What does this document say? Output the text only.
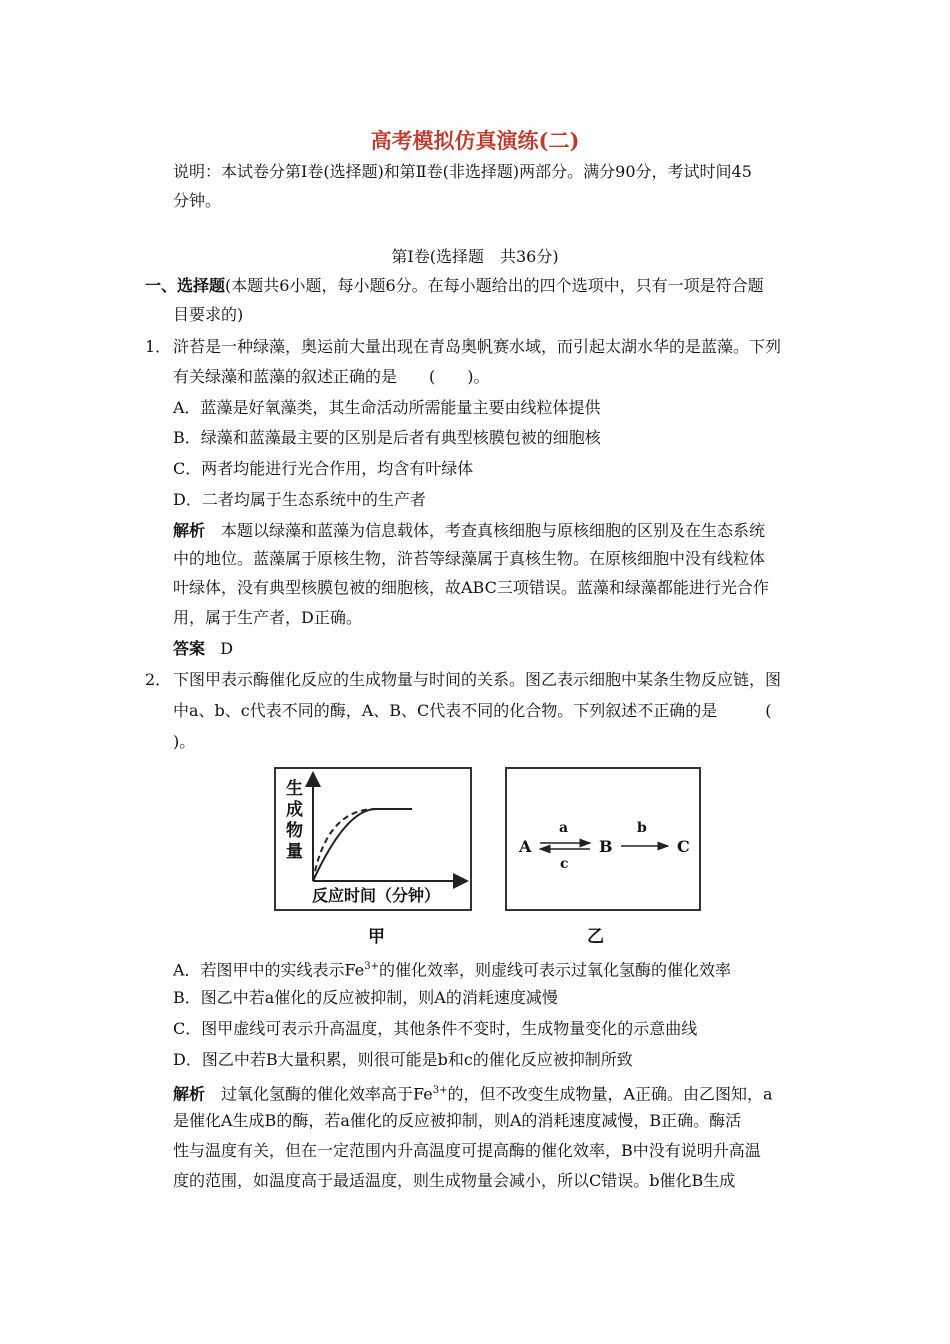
高考模拟仿真演练(二)
说明：本试卷分第Ⅰ卷(选择题)和第Ⅱ卷(非选择题)两部分。满分90分，考试时间45
分钟。
第Ⅰ卷(选择题　共36分)
一、选择题(本题共6小题，每小题6分。在每小题给出的四个选项中，只有一项是符合题
目要求的)
1． 浒苔是一种绿藻，奥运前大量出现在青岛奥帆赛水域，而引起太湖水华的是蓝藻。下列
有关绿藻和蓝藻的叙述正确的是　　(　　)。
A．蓝藻是好氧藻类，其生命活动所需能量主要由线粒体提供
B．绿藻和蓝藻最主要的区别是后者有典型核膜包被的细胞核
C．两者均能进行光合作用，均含有叶绿体
D．二者均属于生态系统中的生产者
解析　本题以绿藻和蓝藻为信息载体，考查真核细胞与原核细胞的区别及在生态系统
中的地位。蓝藻属于原核生物，浒苔等绿藻属于真核生物。在原核细胞中没有线粒体
叶绿体，没有典型核膜包被的细胞核，故ABC三项错误。蓝藻和绿藻都能进行光合作
用，属于生产者，D正确。
答案 D
2． 下图甲表示酶催化反应的生成物量与时间的关系。图乙表示细胞中某条生物反应链，图
中a、b、c代表不同的酶，A、B、C代表不同的化合物。下列叙述不正确的是　　　(
)。
生
成
物
量
反应时间（分钟）
甲
A	B	C
a
c
b
乙
A．若图甲中的实线表示$Fe^{3+}$的催化效率，则虚线可表示过氧化氢酶的催化效率
B．图乙中若a催化的反应被抑制，则A的消耗速度减慢
C．图甲虚线可表示升高温度，其他条件不变时，生成物量变化的示意曲线
D．图乙中若B大量积累，则很可能是b和c的催化反应被抑制所致
解析　过氧化氢酶的催化效率高于$Fe^{3+}$的，但不改变生成物量，A正确。由乙图知，a
是催化A生成B的酶，若a催化的反应被抑制，则A的消耗速度减慢，B正确。酶活
性与温度有关，但在一定范围内升高温度可提高酶的催化效率，B中没有说明升高温
度的范围，如温度高于最适温度，则生成物量会减小，所以C错误。b催化B生成
